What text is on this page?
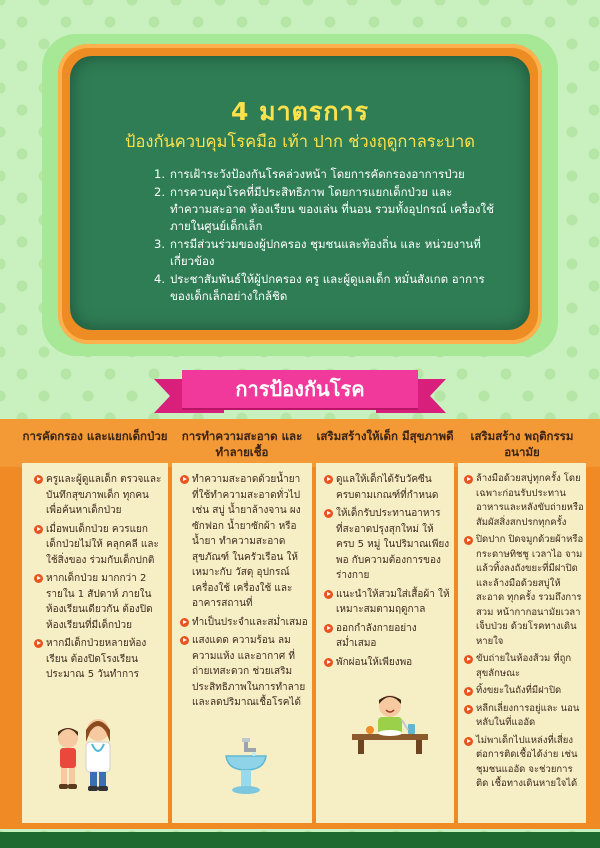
4 มาตรการ
ป้องกันควบคุมโรคมือ เท้า ปาก ช่วงฤดูกาลระบาด
1. การเฝ้าระวังป้องกันโรคล่วงหน้า โดยการคัดกรองอาการป่วย
2. การควบคุมโรคที่มีประสิทธิภาพ โดยการแยกเด็กป่วย และทำความสะอาด ห้องเรียน ของเล่น ที่นอน รวมทั้งอุปกรณ์ เครื่องใช้ภายในศูนย์เด็กเล็ก
3. การมีส่วนร่วมของผู้ปกครอง ชุมชนและท้องถิ่น และ หน่วยงานที่เกี่ยวข้อง
4. ประชาสัมพันธ์ให้ผู้ปกครอง ครู และผู้ดูแลเด็ก หมั่นสังเกต อาการของเด็กเล็กอย่างใกล้ชิด
การป้องกันโรค
การคัดกรอง และแยกเด็กป่วย
ครูและผู้ดูแลเด็ก ตรวจและบันทึกสุขภาพเด็ก ทุกคน เพื่อค้นหาเด็กป่วย
เมื่อพบเด็กป่วย ควรแยกเด็กป่วยไม่ให้ คลุกคลี และใช้สิ่งของ ร่วมกับเด็กปกติ
หากเด็กป่วย มากกว่า 2 รายใน 1 สัปดาห์ ภายในห้องเรียนเดียวกัน ต้องปิดห้องเรียนที่มีเด็กป่วย
หากมีเด็กป่วยหลายห้อง เรียน ต้องปิดโรงเรียน ประมาณ 5 วันทำการ
การทำความสะอาด และทำลายเชื้อ
ทำความสะอาดด้วยน้ำยา ที่ใช้ทำความสะอาดทั่วไป เช่น สบู่ น้ำยาล้างจาน ผงซักฟอก น้ำยาซักผ้า หรือน้ำยา ทำความสะอาดสุขภัณฑ์ ในครัวเรือน ให้เหมาะกับ วัสดุ อุปกรณ์ เครื่องใช้ เครื่องใช้ และอาคารสถานที่
ทำเป็นประจำและสม่ำเสมอ
แสงแดด ความร้อน ลม ความแห้ง และอากาศ ที่ถ่ายเทสะดวก ช่วยเสริม ประสิทธิภาพในการทำลาย และลดปริมาณเชื้อโรคได้
เสริมสร้างให้เด็ก มีสุขภาพดี
ดูแลให้เด็กได้รับวัคซีน ครบตามเกณฑ์ที่กำหนด
ให้เด็กรับประทานอาหาร ที่สะอาดปรุงสุกใหม่ ให้ครบ 5 หมู่ ในปริมาณเพียงพอ กับความต้องการของร่างกาย
แนะนำให้สวมใส่เสื้อผ้า ให้เหมาะสมตามฤดูกาล
ออกกำลังกายอย่าง สม่ำเสมอ
พักผ่อนให้เพียงพอ
เสริมสร้าง พฤติกรรมอนามัย
ล้างมือด้วยสบู่ทุกครั้ง โดยเฉพาะก่อนรับประทาน อาหารและหลังขับถ่ายหรือ สัมผัสสิ่งสกปรกทุกครั้ง
ปิดปาก ปิดจมูกด้วยผ้าหรือ กระดาษทิชชู เวลาไอ จาม แล้วทิ้งลงถังขยะที่มีฝาปิด และล้างมือด้วยสบู่ให้สะอาด ทุกครั้ง รวมถึงการสวม หน้ากากอนามัยเวลาเจ็บป่วย ด้วยโรคทางเดินหายใจ
ขับถ่ายในห้องส้วม ที่ถูกสุขลักษณะ
ทิ้งขยะในถังที่มีฝาปิด
หลีกเลี่ยงการอยู่และ นอนหลับในที่แออัด
ไม่พาเด็กไปแหล่งที่เสี่ยง ต่อการติดเชื้อได้ง่าย เช่น ชุมชนแออัด จะช่วยการติด เชื้อทางเดินหายใจได้
